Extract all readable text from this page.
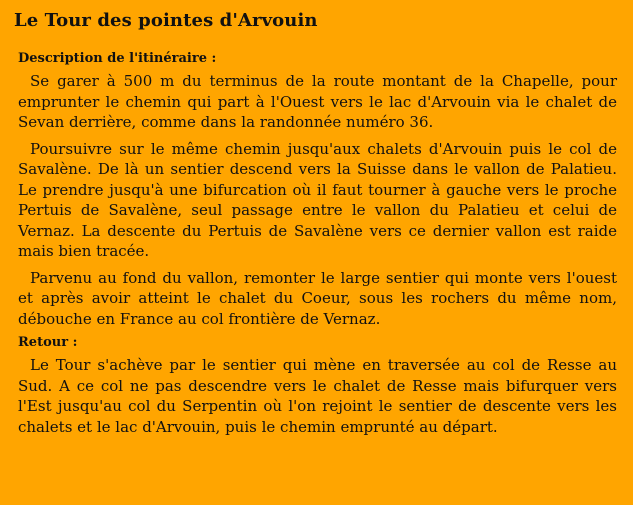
Le Tour des pointes d'Arvouin
Description de l'itinéraire :

Se garer à 500 m du terminus de la route montant de la Chapelle, pour emprunter le chemin qui part à l'Ouest vers le lac d'Arvouin via le chalet de Sevan derrière, comme dans la randonnée numéro 36.

Poursuivre sur le même chemin jusqu'aux chalets d'Arvouin puis le col de Savalène. De là un sentier descend vers la Suisse dans le vallon de Palatieu. Le prendre jusqu'à une bifurcation où il faut tourner à gauche vers le proche Pertuis de Savalène, seul passage entre le vallon du Palatieu et celui de Vernaz. La descente du Pertuis de Savalène vers ce dernier vallon est raide mais bien tracée.

Parvenu au fond du vallon, remonter le large sentier qui monte vers l'ouest et après avoir atteint le chalet du Coeur, sous les rochers du même nom, débouche en France au col frontière de Vernaz.

Retour :

Le Tour s'achève par le sentier qui mène en traversée au col de Resse au Sud. A ce col ne pas descendre vers le chalet de Resse mais bifurquer vers l'Est jusqu'au col du Serpentin où l'on rejoint le sentier de descente vers les chalets et le lac d'Arvouin, puis le chemin emprunté au départ.
